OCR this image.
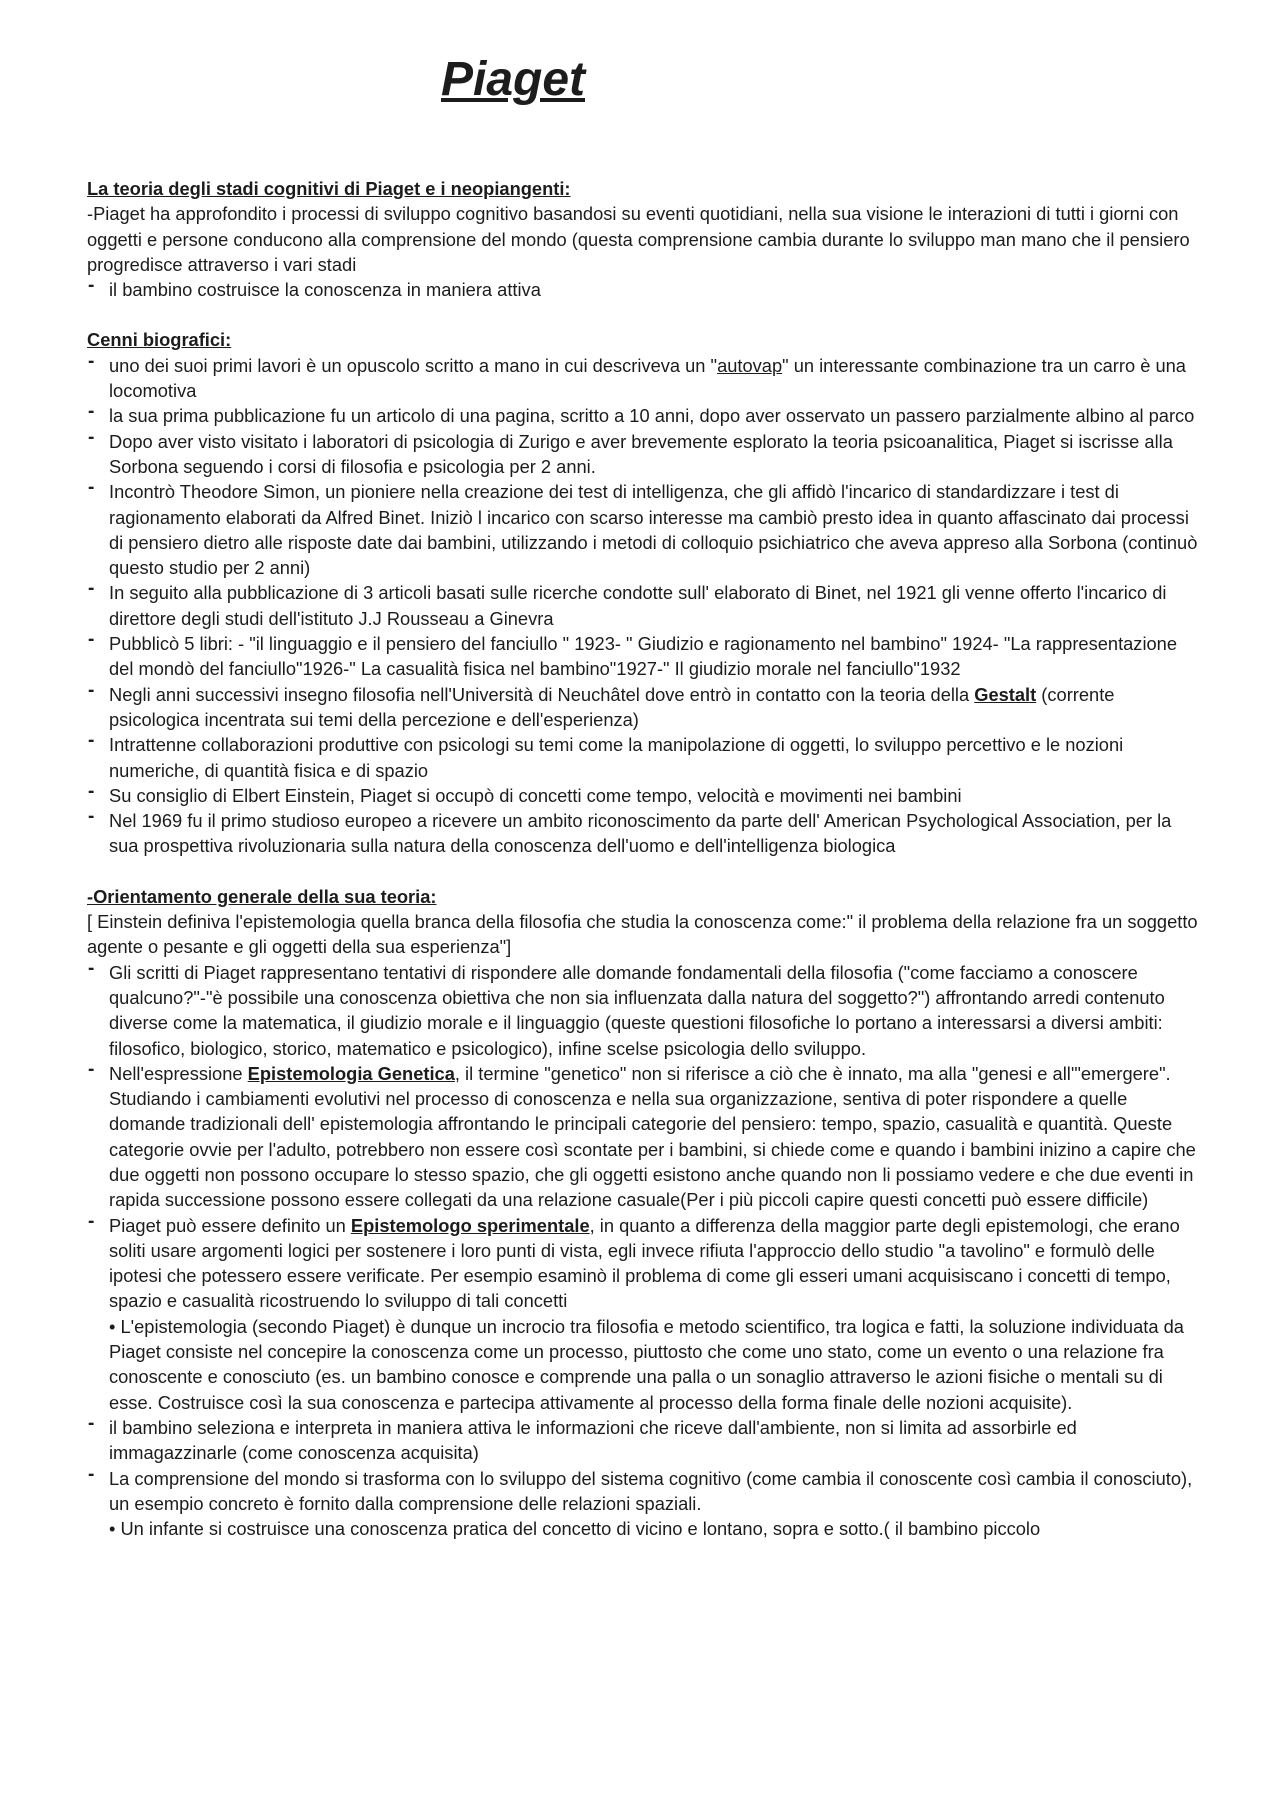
Piaget

La teoria degli stadi cognitivi di Piaget e i neopiangenti:

-Piaget ha approfondito i processi di sviluppo cognitivo basandosi su eventi quotidiani, nella sua visione le interazioni di tutti i giorni con oggetti e persone conducono alla comprensione del mondo (questa comprensione cambia durante lo sviluppo man mano che il pensiero progredisce attraverso i vari stadi

- il bambino costruisce la conoscenza in maniera attiva

Cenni biografici:

- uno dei suoi primi lavori è un opuscolo scritto a mano in cui descriveva un "autovap" un interessante combinazione tra un carro è una locomotiva
- la sua prima pubblicazione fu un articolo di una pagina, scritto a 10 anni, dopo aver osservato un passero parzialmente albino al parco
- Dopo aver visto visitato i laboratori di psicologia di Zurigo e aver brevemente esplorato la teoria psicoanalitica, Piaget si iscrisse alla Sorbona seguendo i corsi di filosofia e psicologia per 2 anni.
- Incontrò Theodore Simon, un pioniere nella creazione dei test di intelligenza, che gli affidò l'incarico di standardizzare i test di ragionamento elaborati da Alfred Binet. Iniziò l incarico con scarso interesse ma cambiò presto idea in quanto affascinato dai processi di pensiero dietro alle risposte date dai bambini, utilizzando i metodi di colloquio psichiatrico che aveva appreso alla Sorbona (continuò questo studio per 2 anni)
- In seguito alla pubblicazione di 3 articoli basati sulle ricerche condotte sull' elaborato di Binet, nel 1921 gli venne offerto l'incarico di direttore degli studi dell'istituto J.J Rousseau a Ginevra
- Pubblicò 5 libri: - "il linguaggio e il pensiero del fanciullo " 1923- " Giudizio e ragionamento nel bambino" 1924- "La rappresentazione del mondò del fanciullo"1926-" La casualità fisica nel bambino"1927-" Il giudizio morale nel fanciullo"1932
- Negli anni successivi insegno filosofia nell'Università di Neuchâtel dove entrò in contatto con la teoria della Gestalt (corrente psicologica incentrata sui temi della percezione e dell'esperienza)
- Intrattenne collaborazioni produttive con psicologi su temi come la manipolazione di oggetti, lo sviluppo percettivo e le nozioni numeriche, di quantità fisica e di spazio
- Su consiglio di Elbert Einstein, Piaget si occupò di concetti come tempo, velocità e movimenti nei bambini
- Nel 1969 fu il primo studioso europeo a ricevere un ambito riconoscimento da parte dell' American Psychological Association, per la sua prospettiva rivoluzionaria sulla natura della conoscenza dell'uomo e dell'intelligenza biologica

-Orientamento generale della sua teoria:

[ Einstein definiva l'epistemologia quella branca della filosofia che studia la conoscenza come:" il problema della relazione fra un soggetto agente o pesante e gli oggetti della sua esperienza"]

- Gli scritti di Piaget rappresentano tentativi di rispondere alle domande fondamentali della filosofia ("come facciamo a conoscere qualcuno?"-"è possibile una conoscenza obiettiva che non sia influenzata dalla natura del soggetto?") affrontando arredi contenuto diverse come la matematica, il giudizio morale e il linguaggio (queste questioni filosofiche lo portano a interessarsi a diversi ambiti: filosofico, biologico, storico, matematico e psicologico), infine scelse psicologia dello sviluppo.
- Nell'espressione Epistemologia Genetica, il termine "genetico" non si riferisce a ciò che è innato, ma alla "genesi e all'"emergere". Studiando i cambiamenti evolutivi nel processo di conoscenza e nella sua organizzazione, sentiva di poter rispondere a quelle domande tradizionali dell' epistemologia affrontando le principali categorie del pensiero: tempo, spazio, casualità e quantità. Queste categorie ovvie per l'adulto, potrebbero non essere così scontate per i bambini, si chiede come e quando i bambini inizino a capire che due oggetti non possono occupare lo stesso spazio, che gli oggetti esistono anche quando non li possiamo vedere e che due eventi in rapida successione possono essere collegati da una relazione casuale(Per i più piccoli capire questi concetti può essere difficile)
- Piaget può essere definito un Epistemologo sperimentale, in quanto a differenza della maggior parte degli epistemologi, che erano soliti usare argomenti logici per sostenere i loro punti di vista, egli invece rifiuta l'approccio dello studio "a tavolino" e formulò delle ipotesi che potessero essere verificate. Per esempio esaminò il problema di come gli esseri umani acquisiscano i concetti di tempo, spazio e casualità ricostruendo lo sviluppo di tali concetti
• L'epistemologia (secondo Piaget) è dunque un incrocio tra filosofia e metodo scientifico, tra logica e fatti, la soluzione individuata da Piaget consiste nel concepire la conoscenza come un processo, piuttosto che come uno stato, come un evento o una relazione fra conoscente e conosciuto (es. un bambino conosce e comprende una palla o un sonaglio attraverso le azioni fisiche o mentali su di esse. Costruisce così la sua conoscenza e partecipa attivamente al processo della forma finale delle nozioni acquisite).
- il bambino seleziona e interpreta in maniera attiva le informazioni che riceve dall'ambiente, non si limita ad assorbirle ed immagazzinarle (come conoscenza acquisita)
- La comprensione del mondo si trasforma con lo sviluppo del sistema cognitivo (come cambia il conoscente così cambia il conosciuto), un esempio concreto è fornito dalla comprensione delle relazioni spaziali.
• Un infante si costruisce una conoscenza pratica del concetto di vicino e lontano, sopra e sotto.( il bambino piccolo
